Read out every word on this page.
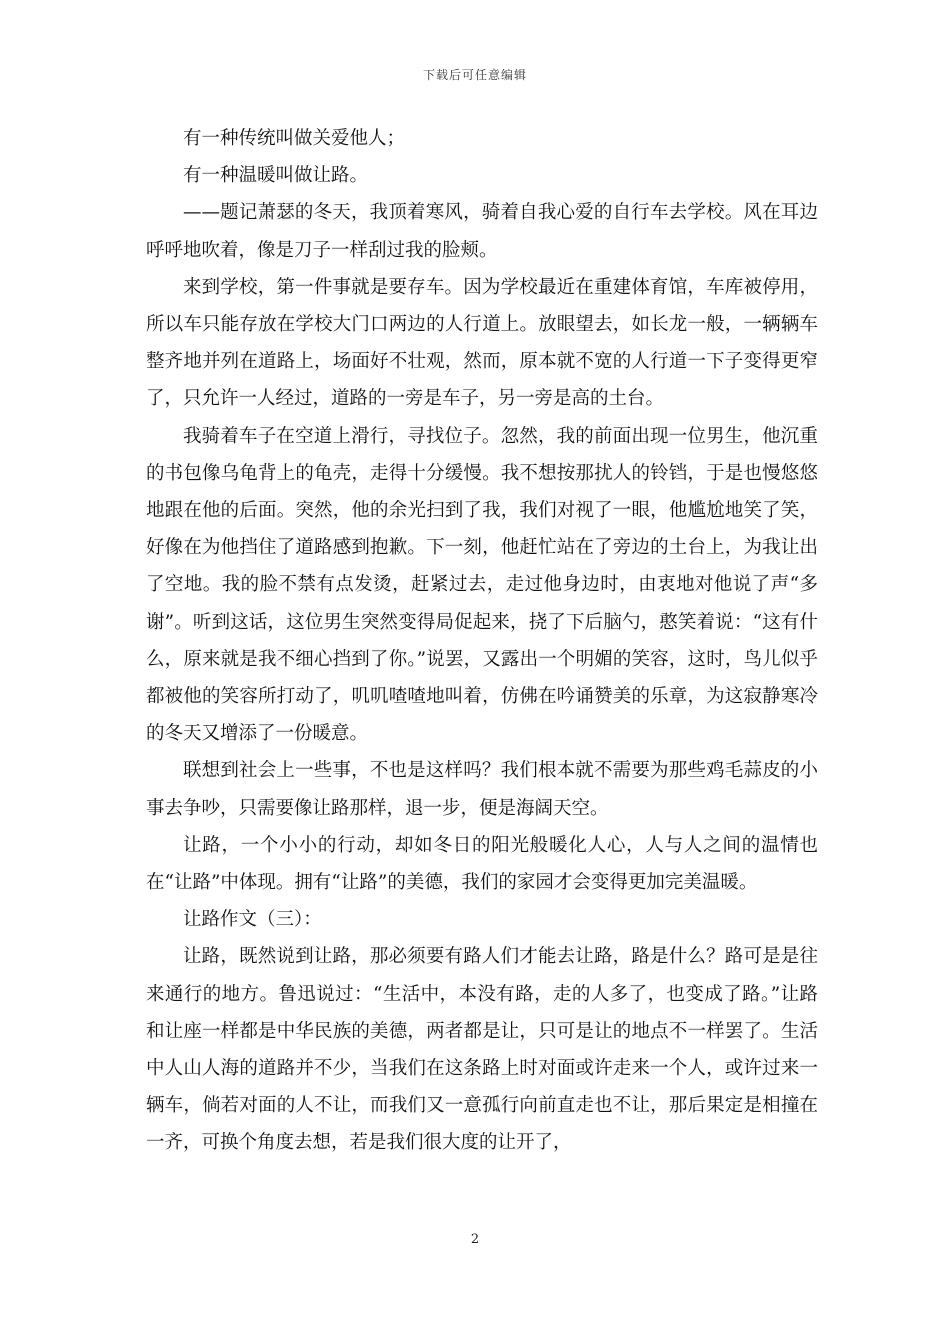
下载后可任意编辑

有一种传统叫做关爱他人；

有一种温暖叫做让路。

——题记萧瑟的冬天，我顶着寒风，骑着自我心爱的自行车去学校。风在耳边呼呼地吹着，像是刀子一样刮过我的脸颊。

来到学校，第一件事就是要存车。因为学校最近在重建体育馆，车库被停用，所以车只能存放在学校大门口两边的人行道上。放眼望去，如长龙一般，一辆辆车整齐地并列在道路上，场面好不壮观，然而，原本就不宽的人行道一下子变得更窄了，只允许一人经过，道路的一旁是车子，另一旁是高的土台。

我骑着车子在空道上滑行，寻找位子。忽然，我的前面出现一位男生，他沉重的书包像乌龟背上的龟壳，走得十分缓慢。我不想按那扰人的铃铛，于是也慢悠悠地跟在他的后面。突然，他的余光扫到了我，我们对视了一眼，他尴尬地笑了笑，好像在为他挡住了道路感到抱歉。下一刻，他赶忙站在了旁边的土台上，为我让出了空地。我的脸不禁有点发烫，赶紧过去，走过他身边时，由衷地对他说了声“多谢”。听到这话，这位男生突然变得局促起来，挠了下后脑勺，憨笑着说：“这有什么，原来就是我不细心挡到了你。”说罢，又露出一个明媚的笑容，这时，鸟儿似乎都被他的笑容所打动了，叽叽喳喳地叫着，仿佛在吟诵赞美的乐章，为这寂静寒冷的冬天又增添了一份暖意。

联想到社会上一些事，不也是这样吗？我们根本就不需要为那些鸡毛蒜皮的小事去争吵，只需要像让路那样，退一步，便是海阔天空。

让路，一个小小的行动，却如冬日的阳光般暖化人心，人与人之间的温情也在“让路”中体现。拥有“让路”的美德，我们的家园才会变得更加完美温暖。

让路作文（三）：

让路，既然说到让路，那必须要有路人们才能去让路，路是什么？路可是是往来通行的地方。鲁迅说过：“生活中，本没有路，走的人多了，也变成了路。”让路和让座一样都是中华民族的美德，两者都是让，只可是让的地点不一样罢了。生活中人山人海的道路并不少，当我们在这条路上时对面或许走来一个人，或许过来一辆车，倘若对面的人不让，而我们又一意孤行向前直走也不让，那后果定是相撞在一齐，可换个角度去想，若是我们很大度的让开了，

2
